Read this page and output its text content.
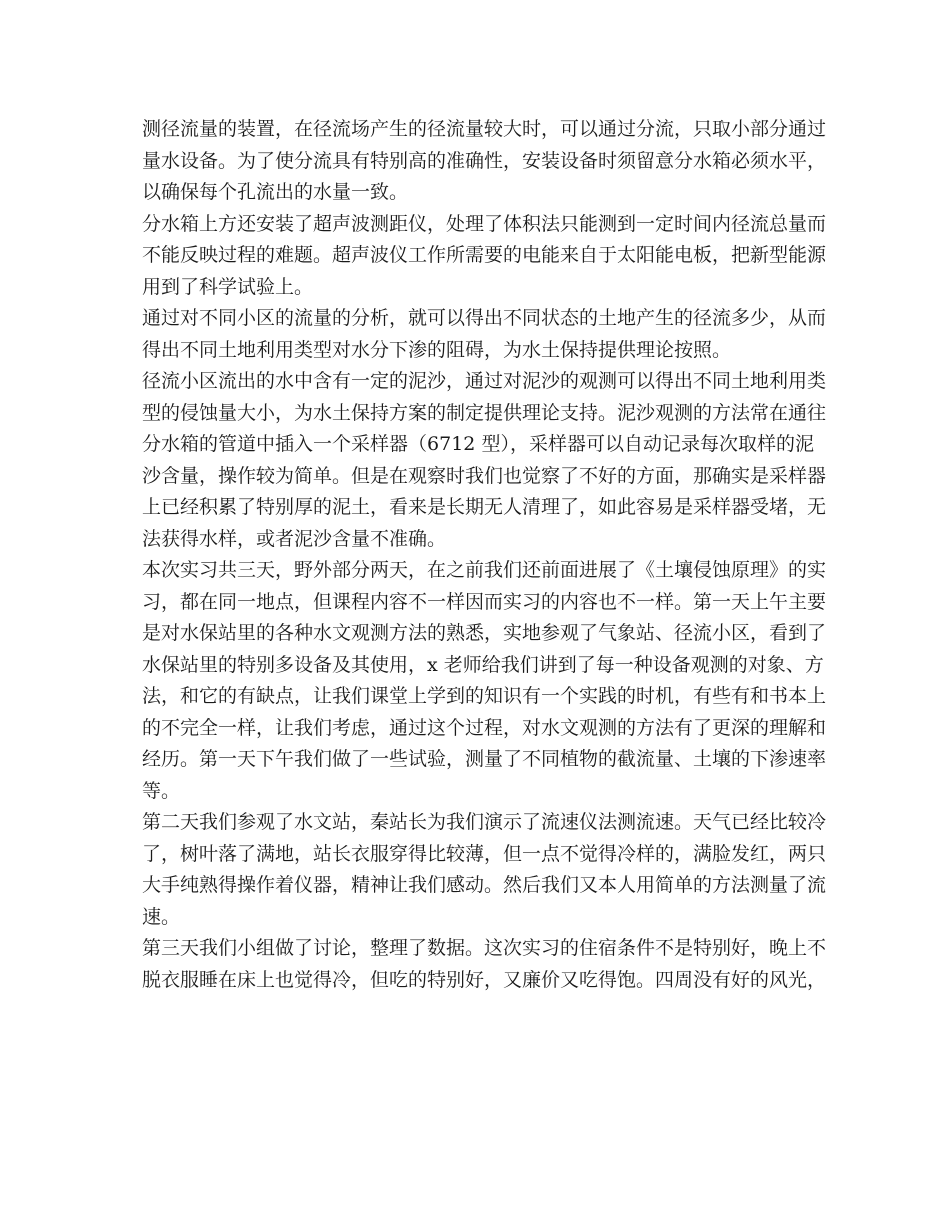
测径流量的装置，在径流场产生的径流量较大时，可以通过分流，只取小部分通过
量水设备。为了使分流具有特别高的准确性，安装设备时须留意分水箱必须水平，
以确保每个孔流出的水量一致。
分水箱上方还安装了超声波测距仪，处理了体积法只能测到一定时间内径流总量而
不能反映过程的难题。超声波仪工作所需要的电能来自于太阳能电板，把新型能源
用到了科学试验上。
通过对不同小区的流量的分析，就可以得出不同状态的土地产生的径流多少，从而
得出不同土地利用类型对水分下渗的阻碍，为水土保持提供理论按照。
径流小区流出的水中含有一定的泥沙，通过对泥沙的观测可以得出不同土地利用类
型的侵蚀量大小，为水土保持方案的制定提供理论支持。泥沙观测的方法常在通往
分水箱的管道中插入一个采样器（6712 型），采样器可以自动记录每次取样的泥
沙含量，操作较为简单。但是在观察时我们也觉察了不好的方面，那确实是采样器
上已经积累了特别厚的泥土，看来是长期无人清理了，如此容易是采样器受堵，无
法获得水样，或者泥沙含量不准确。
本次实习共三天，野外部分两天，在之前我们还前面进展了《土壤侵蚀原理》的实
习，都在同一地点，但课程内容不一样因而实习的内容也不一样。第一天上午主要
是对水保站里的各种水文观测方法的熟悉，实地参观了气象站、径流小区，看到了
水保站里的特别多设备及其使用，x 老师给我们讲到了每一种设备观测的对象、方
法，和它的有缺点，让我们课堂上学到的知识有一个实践的时机，有些有和书本上
的不完全一样，让我们考虑，通过这个过程，对水文观测的方法有了更深的理解和
经历。第一天下午我们做了一些试验，测量了不同植物的截流量、土壤的下渗速率
等。
第二天我们参观了水文站，秦站长为我们演示了流速仪法测流速。天气已经比较冷
了，树叶落了满地，站长衣服穿得比较薄，但一点不觉得冷样的，满脸发红，两只
大手纯熟得操作着仪器，精神让我们感动。然后我们又本人用简单的方法测量了流
速。
第三天我们小组做了讨论，整理了数据。这次实习的住宿条件不是特别好，晚上不
脱衣服睡在床上也觉得冷，但吃的特别好，又廉价又吃得饱。四周没有好的风光，
